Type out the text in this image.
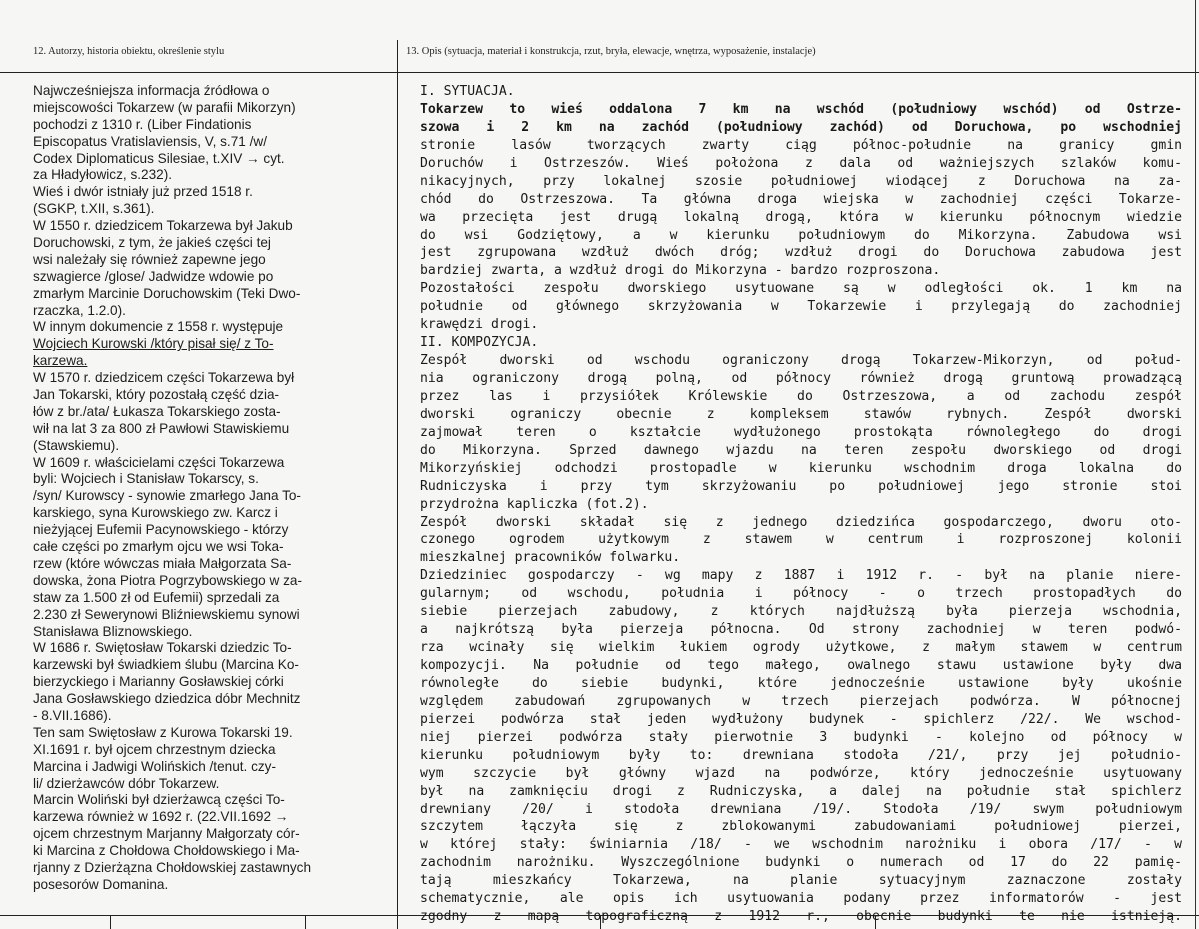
12. Autorzy, historia obiektu, określenie stylu	13. Opis (sytuacja, materiał i konstrukcja, rzut, bryła, elewacje, wnętrza, wyposażenie, instalacje)
Najwcześniejsza informacja źródłowa o
miejscowości Tokarzew (w parafii Mikorzyn)
pochodzi z 1310 r. (Liber Findationis
Episcopatus Vratislaviensis, V, s.71 /w/
Codex Diplomaticus Silesiae, t.XIV → cyt.
za Hładyłowicz, s.232).
Wieś i dwór istniały już przed 1518 r.
(SGKP, t.XII, s.361).
W 1550 r. dziedzicem Tokarzewa był Jakub
Doruchowski, z tym, że jakieś części tej
wsi należały się również zapewne jego
szwagierce /glose/ Jadwidze wdowie po
zmarłym Marcinie Doruchowskim (Teki Dwo-
rzaczka, 1.2.0).
W innym dokumencie z 1558 r. występuje
Wojciech Kurowski /który pisał się/ z To-
karzewa.
W 1570 r. dziedzicem części Tokarzewa był
Jan Tokarski, który pozostałą część dzia-
łów z br./ata/ Łukasza Tokarskiego zosta-
wił na lat 3 za 800 zł Pawłowi Stawiskiemu
(Stawskiemu).
W 1609 r. właścicielami części Tokarzewa
byli: Wojciech i Stanisław Tokarscy, s.
/syn/ Kurowscy - synowie zmarłego Jana To-
karskiego, syna Kurowskiego zw. Karcz i
nieżyjącej Eufemii Pacynowskiego - którzy
całe części po zmarłym ojcu we wsi Toka-
rzew (które wówczas miała Małgorzata Sa-
dowska, żona Piotra Pogrzybowskiego w za-
staw za 1.500 zł od Eufemii) sprzedali za
2.230 zł Sewerynowi Bliźniewskiemu synowi
Stanisława Bliznowskiego.
W 1686 r. Swiętosław Tokarski dziedzic To-
karzewski był świadkiem ślubu (Marcina Ko-
bierzyckiego i Marianny Gosławskiej córki
Jana Gosławskiego dziedzica dóbr Mechnitz
- 8.VII.1686).
Ten sam Swiętosław z Kurowa Tokarski 19.
XI.1691 r. był ojcem chrzestnym dziecka
Marcina i Jadwigi Wolińskich /tenut. czy-
li/ dzierżawców dóbr Tokarzew.
Marcin Woliński był dzierżawcą części To-
karzewa również w 1692 r. (22.VII.1692 →
ojcem chrzestnym Marjanny Małgorzaty cór-
ki Marcina z Chołdowa Chołdowskiego i Ma-
rjanny z Dzierżązna Chołdowskiej zastawnych
posesorów Domanina.
I. SYTUACJA.
Tokarzew to wieś oddalona 7 km na wschód (południowy wschód) od Ostrze-
szowa i 2 km na zachód (południowy zachód) od Doruchowa, po wschodniej
stronie lasów tworzących zwarty ciąg północ-południe na granicy gmin
Doruchów i Ostrzeszów. Wieś położona z dala od ważniejszych szlaków komu-
nikacyjnych, przy lokalnej szosie południowej wiodącej z Doruchowa na za-
chód do Ostrzeszowa. Ta główna droga wiejska w zachodniej części Tokarze-
wa przecięta jest drugą lokalną drogą, która w kierunku północnym wiedzie
do wsi Godziętowy, a w kierunku południowym do Mikorzyna. Zabudowa wsi
jest zgrupowana wzdłuż dwóch dróg; wzdłuż drogi do Doruchowa zabudowa jest
bardziej zwarta, a wzdłuż drogi do Mikorzyna - bardzo rozproszona.
Pozostałości zespołu dworskiego usytuowane są w odległości ok. 1 km na
południe od głównego skrzyżowania w Tokarzewie i przylegają do zachodniej
krawędzi drogi.
II. KOMPOZYCJA.
Zespół dworski od wschodu ograniczony drogą Tokarzew-Mikorzyn, od połud-
nia ograniczony drogą polną, od północy również drogą gruntową prowadzącą
przez las i przysiółek Królewskie do Ostrzeszowa, a od zachodu zespół
dworski ograniczy obecnie z kompleksem stawów rybnych. Zespół dworski
zajmował teren o kształcie wydłużonego prostokąta równoległego do drogi
do Mikorzyna. Sprzed dawnego wjazdu na teren zespołu dworskiego od drogi
Mikorzyńskiej odchodzi prostopadle w kierunku wschodnim droga lokalna do
Rudniczyska i przy tym skrzyżowaniu po południowej jego stronie stoi
przydrożna kapliczka (fot.2).
Zespół dworski składał się z jednego dziedzińca gospodarczego, dworu oto-
czonego ogrodem użytkowym z stawem w centrum i rozproszonej kolonii
mieszkalnej pracowników folwarku.
Dziedziniec gospodarczy - wg mapy z 1887 i 1912 r. - był na planie niere-
gularnym; od wschodu, południa i północy - o trzech prostopadłych do
siebie pierzejach zabudowy, z których najdłuższą była pierzeja wschodnia,
a najkrótszą była pierzeja północna. Od strony zachodniej w teren podwó-
rza wcinały się wielkim łukiem ogrody użytkowe, z małym stawem w centrum
kompozycji. Na południe od tego małego, owalnego stawu ustawione były dwa
równoległe do siebie budynki, które jednocześnie ustawione były ukośnie
względem zabudowań zgrupowanych w trzech pierzejach podwórza. W północnej
pierzei podwórza stał jeden wydłużony budynek - spichlerz /22/. We wschod-
niej pierzei podwórza stały pierwotnie 3 budynki - kolejno od północy w
kierunku południowym były to: drewniana stodoła /21/, przy jej południo-
wym szczycie był główny wjazd na podwórze, który jednocześnie usytuowany
był na zamknięciu drogi z Rudniczyska, a dalej na południe stał spichlerz
drewniany /20/ i stodoła drewniana /19/. Stodoła /19/ swym południowym
szczytem łączyła się z zblokowanymi zabudowaniami południowej pierzei,
w której stały: świniarnia /18/ - we wschodnim narożniku i obora /17/ - w
zachodnim narożniku. Wyszczególnione budynki o numerach od 17 do 22 pamię-
tają mieszkańcy Tokarzewa, na planie sytuacyjnym zaznaczone zostały
schematycznie, ale opis ich usytuowania podany przez informatorów - jest
zgodny z mapą topograficzną z 1912 r., obecnie budynki te nie istnieją.
